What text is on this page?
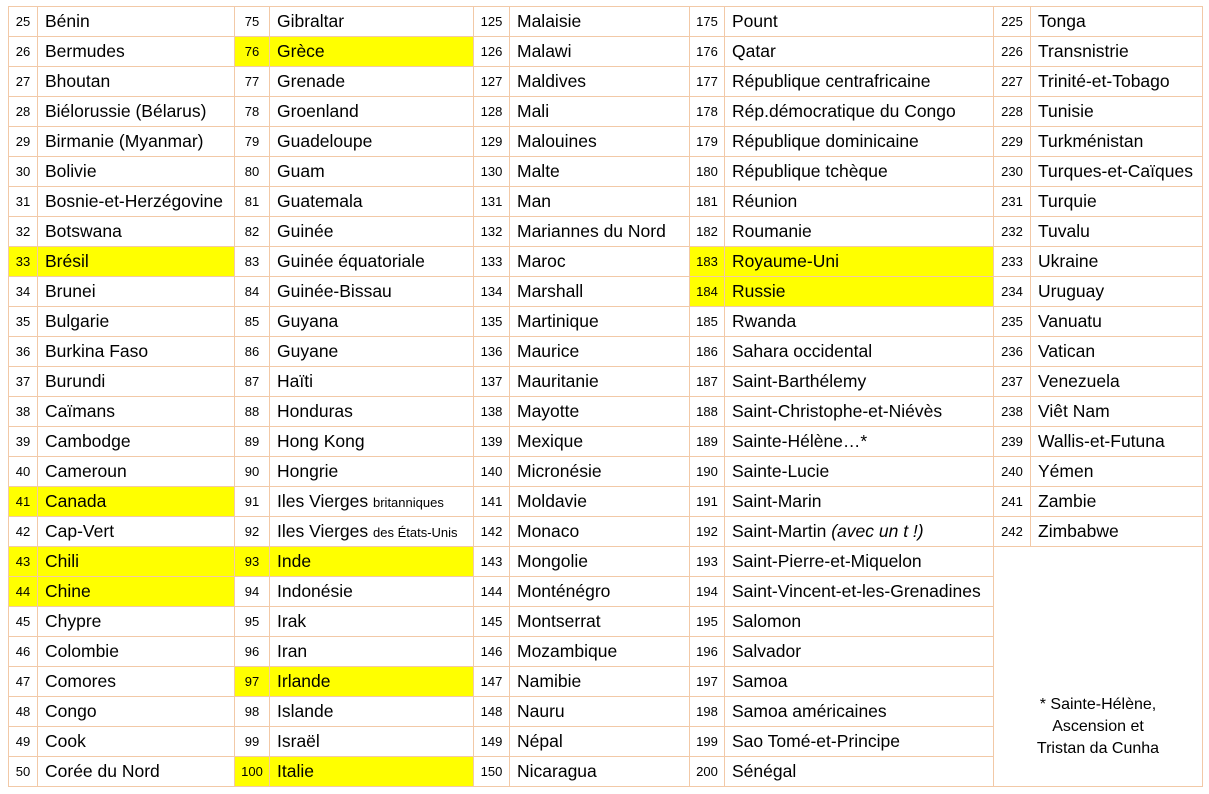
25	Bénin	75	Gibraltar	125	Malaisie	175	Pount	225	Tonga
26	Bermudes	76	Grèce	126	Malawi	176	Qatar	226	Transnistrie
27	Bhoutan	77	Grenade	127	Maldives	177	République centrafricaine	227	Trinité-et-Tobago
28	Biélorussie (Bélarus)	78	Groenland	128	Mali	178	Rép.démocratique du Congo	228	Tunisie
29	Birmanie (Myanmar)	79	Guadeloupe	129	Malouines	179	République dominicaine	229	Turkménistan
30	Bolivie	80	Guam	130	Malte	180	République tchèque	230	Turques-et-Caïques
31	Bosnie-et-Herzégovine	81	Guatemala	131	Man	181	Réunion	231	Turquie
32	Botswana	82	Guinée	132	Mariannes du Nord	182	Roumanie	232	Tuvalu
33	Brésil	83	Guinée équatoriale	133	Maroc	183	Royaume-Uni	233	Ukraine
34	Brunei	84	Guinée-Bissau	134	Marshall	184	Russie	234	Uruguay
35	Bulgarie	85	Guyana	135	Martinique	185	Rwanda	235	Vanuatu
36	Burkina Faso	86	Guyane	136	Maurice	186	Sahara occidental	236	Vatican
37	Burundi	87	Haïti	137	Mauritanie	187	Saint-Barthélemy	237	Venezuela
38	Caïmans	88	Honduras	138	Mayotte	188	Saint-Christophe-et-Niévès	238	Viêt Nam
39	Cambodge	89	Hong Kong	139	Mexique	189	Sainte-Hélène…*	239	Wallis-et-Futuna
40	Cameroun	90	Hongrie	140	Micronésie	190	Sainte-Lucie	240	Yémen
41	Canada	91	Iles Vierges britanniques	141	Moldavie	191	Saint-Marin	241	Zambie
42	Cap-Vert	92	Iles Vierges des États-Unis	142	Monaco	192	Saint-Martin (avec un t !)	242	Zimbabwe
43	Chili	93	Inde	143	Mongolie	193	Saint-Pierre-et-Miquelon	* Sainte-Hélène,
Ascension et
Tristan da Cunha	

44	Chine	94	Indonésie	144	Monténégro	194	Saint-Vincent-et-les-Grenadines		
45	Chypre	95	Irak	145	Montserrat	195	Salomon		
46	Colombie	96	Iran	146	Mozambique	196	Salvador		
47	Comores	97	Irlande	147	Namibie	197	Samoa		
48	Congo	98	Islande	148	Nauru	198	Samoa américaines		
49	Cook	99	Israël	149	Népal	199	Sao Tomé-et-Principe		
50	Corée du Nord	100	Italie	150	Nicaragua	200	Sénégal		
